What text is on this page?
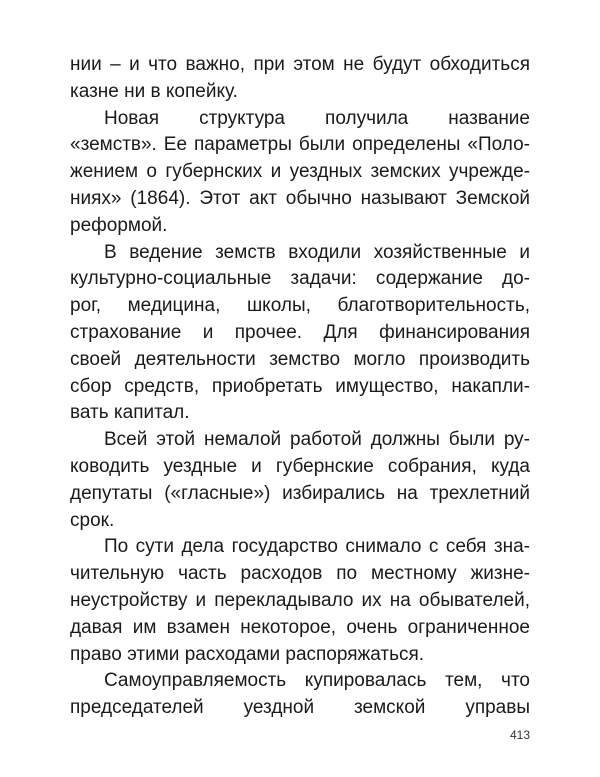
нии – и что важно, при этом не будут обходиться
казне ни в копейку.
Новая структура получила название
«земств». Ее параметры были определены «Поло-
жением о губернских и уездных земских учрежде-
ниях» (1864). Этот акт обычно называют Земской
реформой.
В ведение земств входили хозяйственные и
культурно-социальные задачи: содержание до-
рог, медицина, школы, благотворительность,
страхование и прочее. Для финансирования
своей деятельности земство могло производить
сбор средств, приобретать имущество, накапли-
вать капитал.
Всей этой немалой работой должны были ру-
ководить уездные и губернские собрания, куда
депутаты («гласные») избирались на трехлетний
срок.
По сути дела государство снимало с себя зна-
чительную часть расходов по местному жизне-
неустройству и перекладывало их на обывателей,
давая им взамен некоторое, очень ограниченное
право этими расходами распоряжаться.
Самоуправляемость купировалась тем, что
председателей уездной земской управы
413
